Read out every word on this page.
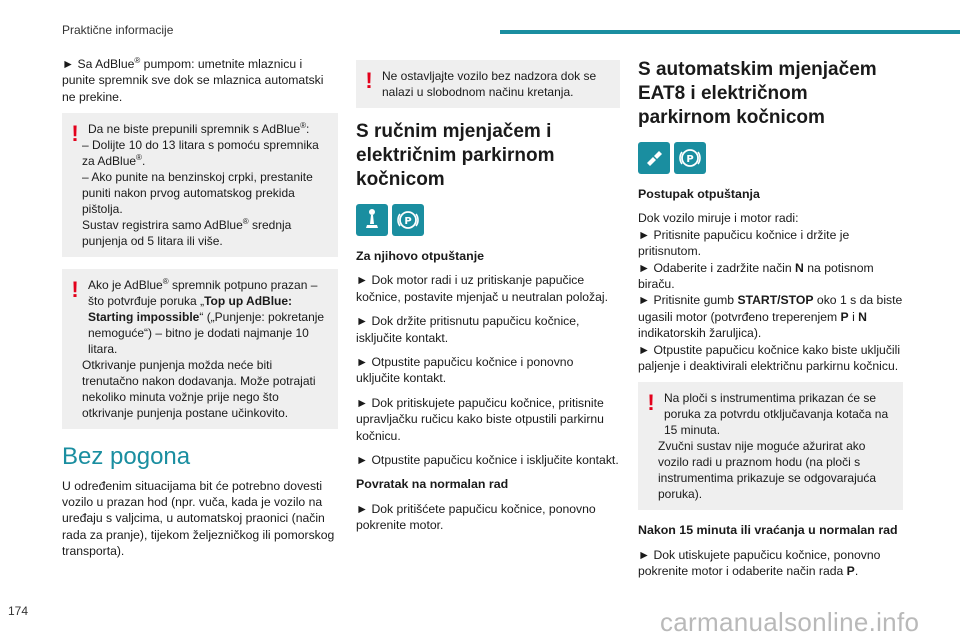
Praktične informacije

► Sa AdBlue® pumpom: umetnite mlaznicu i punite spremnik sve dok se mlaznica automatski ne prekine.

! Da ne biste prepunili spremnik s AdBlue®:
– Dolijte 10 do 13 litara s pomoću spremnika za AdBlue®.
– Ako punite na benzinskoj crpki, prestanite puniti nakon prvog automatskog prekida pištolja.
Sustav registrira samo AdBlue® srednja punjenja od 5 litara ili više.
! Ako je AdBlue® spremnik potpuno prazan – što potvrđuje poruka „Top up AdBlue: Starting impossible“ („Punjenje: pokretanje nemoguće“) – bitno je dodati najmanje 10 litara.
Otkrivanje punjenja možda neće biti trenutačno nakon dodavanja. Može potrajati nekoliko minuta vožnje prije nego što otkrivanje punjenja postane učinkovito.
Bez pogona

U određenim situacijama bit će potrebno dovesti vozilo u prazan hod (npr. vuča, kada je vozilo na uređaju s valjcima, u automatskoj praonici (način rada za pranje), tijekom željezničkog ili pomorskog transporta).

! Ne ostavljajte vozilo bez nadzora dok se nalazi u slobodnom načinu kretanja.
S ručnim mjenjačem i električnim parkirnom kočnicom
P
Za njihovo otpuštanje

► Dok motor radi i uz pritiskanje papučice kočnice, postavite mjenjač u neutralan položaj.

► Dok držite pritisnutu papučicu kočnice, isključite kontakt.

► Otpustite papučicu kočnice i ponovno uključite kontakt.

► Dok pritiskujete papučicu kočnice, pritisnite upravljačku ručicu kako biste otpustili parkirnu kočnicu.

► Otpustite papučicu kočnice i isključite kontakt.

Povratak na normalan rad

► Dok pritišćete papučicu kočnice, ponovno pokrenite motor.

S automatskim mjenjačem EAT8 i električnom parkirnom kočnicom
P
Postupak otpuštanja

Dok vozilo miruje i motor radi:

► Pritisnite papučicu kočnice i držite je pritisnutom.

► Odaberite i zadržite način N na potisnom biraču.

► Pritisnite gumb START/STOP oko 1 s da biste ugasili motor (potvrđeno treperenjem P i N indikatorskih žaruljica).

► Otpustite papučicu kočnice kako biste uključili paljenje i deaktivirali električnu parkirnu kočnicu.

! Na ploči s instrumentima prikazan će se poruka za potvrdu otključavanja kotača na 15 minuta.
Zvučni sustav nije moguće ažurirat ako vozilo radi u praznom hodu (na ploči s instrumentima prikazuje se odgovarajuća poruka).
Nakon 15 minuta ili vraćanja u normalan rad

► Dok utiskujete papučicu kočnice, ponovno pokrenite motor i odaberite način rada P.

174	carmanualsonline.info
